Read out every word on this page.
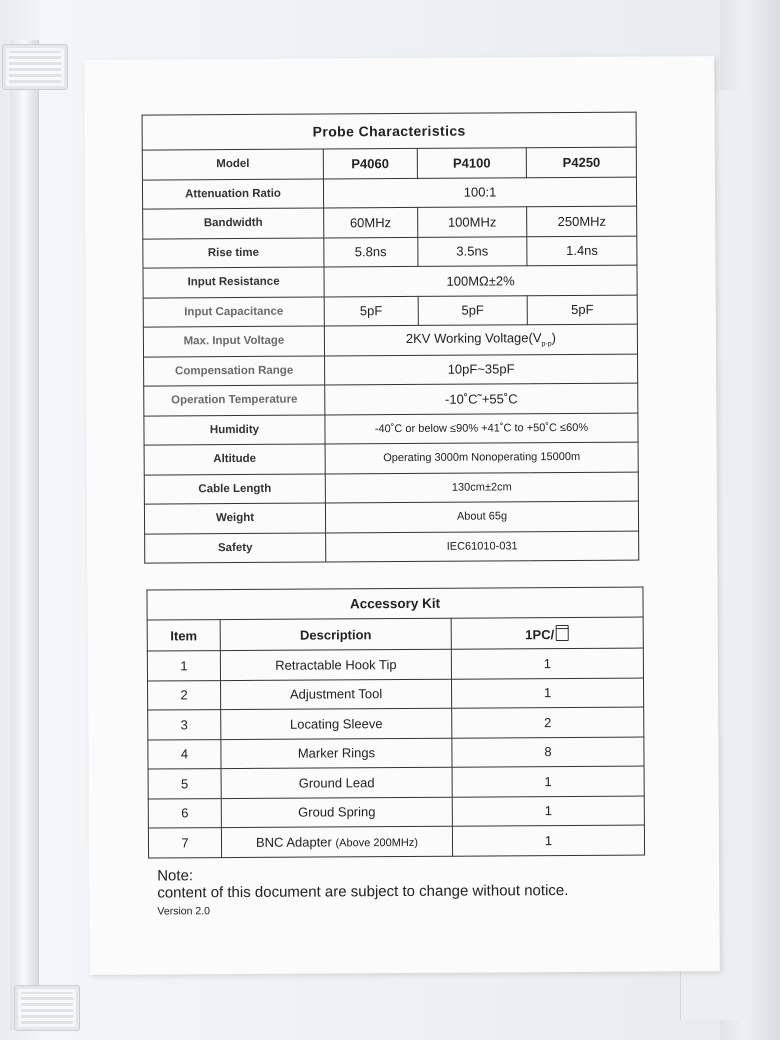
Probe Characteristics			
Model	P4060	P4100	P4250
Attenuation Ratio	100:1		
Bandwidth	60MHz	100MHz	250MHz
Rise time	5.8ns	3.5ns	1.4ns
Input Resistance	100MΩ±2%		
Input Capacitance	5pF	5pF	5pF
Max. Input Voltage	2KV Working $Voltage(V_{p-p})$		
Compensation Range	10pF~35pF		
Operation Temperature	-10˚C˜+55˚C		
Humidity	-40˚C or below ≤90% +41˚C to +50˚C ≤60%		
Altitude	Operating 3000m Nonoperating 15000m		
Cable Length	130cm±2cm		
Weight	About 65g		
Safety	IEC61010-031		
Accessory Kit		
Item	Description	1PC/
1	Retractable Hook Tip	1
2	Adjustment Tool	1
3	Locating Sleeve	2
4	Marker Rings	8
5	Ground Lead	1
6	Groud Spring	1
7	BNC Adapter (Above 200MHz)	1
Note:
content of this document are subject to change without notice.
Version 2.0
